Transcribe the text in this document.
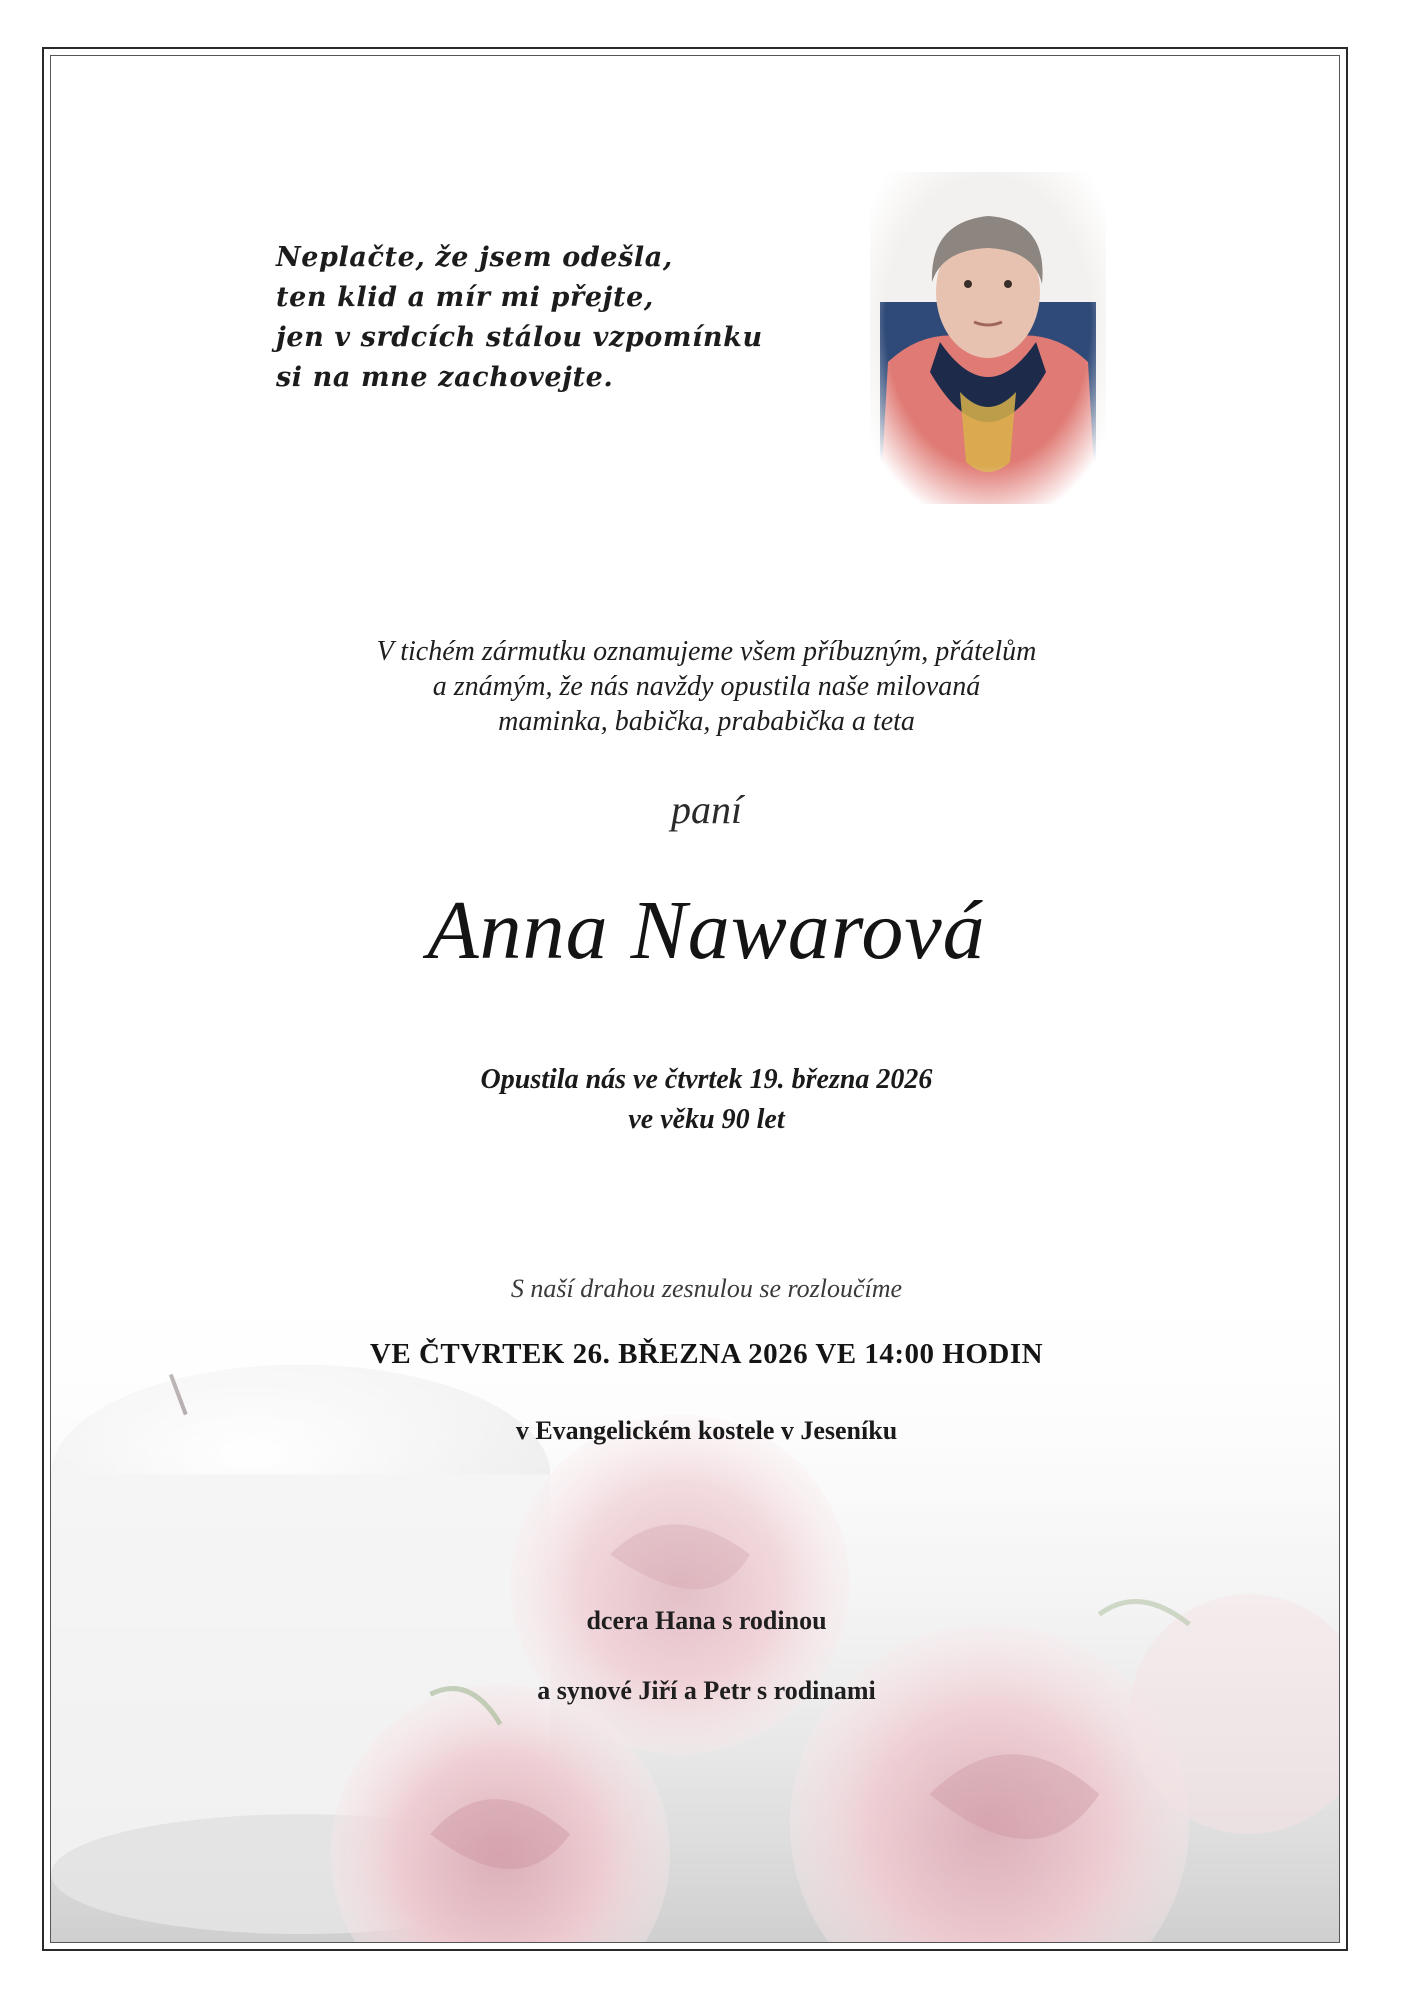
Neplačte, že jsem odešla,
ten klid a mír mi přejte,
jen v srdcích stálou vzpomínku
si na mne zachovejte.
V tichém zármutku oznamujeme všem příbuzným, přátelům
a známým, že nás navždy opustila naše milovaná
maminka, babička, prababička a teta
paní
Anna Nawarová
Opustila nás ve čtvrtek 19. března 2026
ve věku 90 let
S naší drahou zesnulou se rozloučíme
VE ČTVRTEK 26. BŘEZNA 2026 VE 14:00 HODIN
v Evangelickém kostele v Jeseníku
dcera Hana s rodinou
a synové Jiří a Petr s rodinami
